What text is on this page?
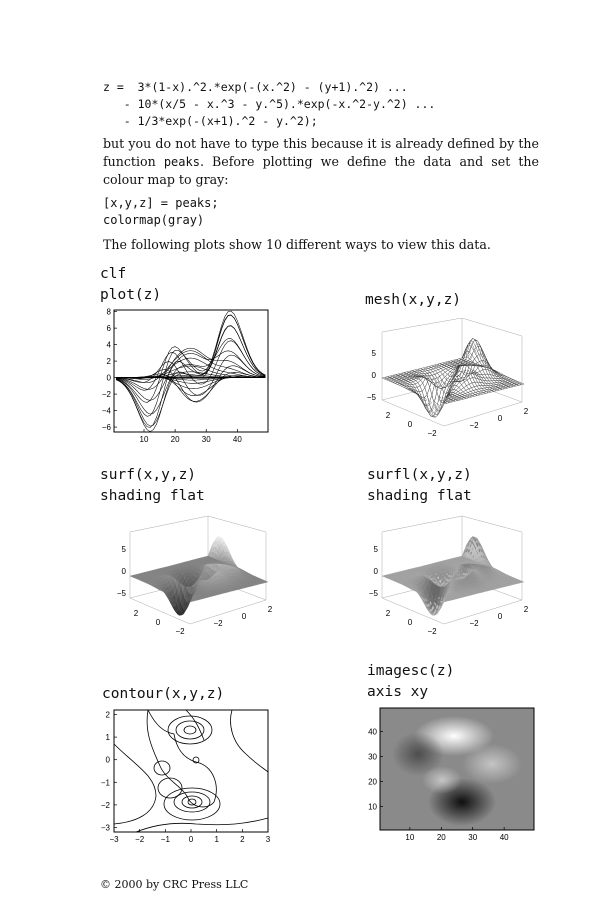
z =  3*(1-x).^2.*exp(-(x.^2) - (y+1).^2) ...
- 10*(x/5 - x.^3 - y.^5).*exp(-x.^2-y.^2) ...
- 1/3*exp(-(x+1).^2 - y.^2);
but you do not have to type this because it is already defined by the function peaks. Before plotting we define the data and set the colour map to gray:
[x,y,z] = peaks;
colormap(gray)
The following plots show 10 different ways to view this data.
clf
plot(z)	mesh(x,y,z)
surf(x,y,z)
shading flat
surfl(x,y,z)
shading flat
contour(x,y,z)
imagesc(z)
axis xy
8
6
4
2
0
−2
−4
−6
10	20	30	40
5
0
−5
2
0
−2
2
0
−2
5
0
−5
2
0
−2
2
0
−2
5
0
−5
2
0
−2
2
0
−2
2
1
0
−1
−2
−3
−3 −2 −1 0	1	2	3
40
30
20
10
10	20	30	40
© 2000 by CRC Press LLC
